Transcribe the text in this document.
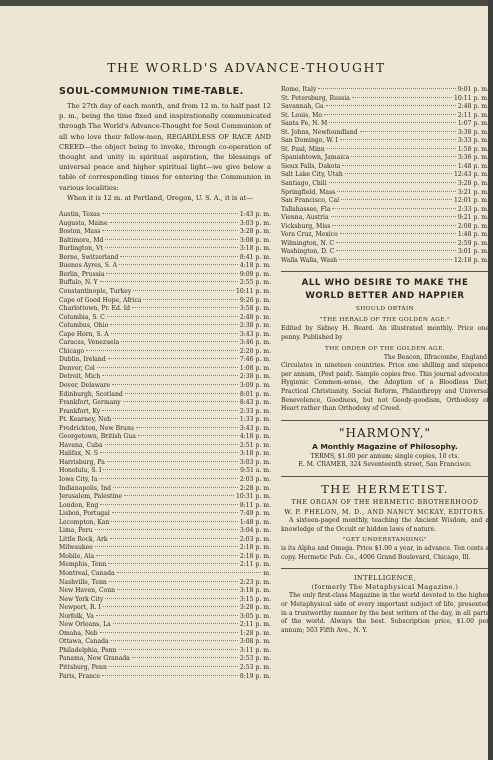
THE WORLD'S ADVANCE-THOUGHT

SOUL-COMMUNION TIME-TABLE.

The 27th day of each month, and from 12 m. to half past 12 p. m., being the time fixed and inspirationally communicated through The World's Advance-Thought for Soul Communion of all who love their fellow-men, REGARDLESS OF RACE AND CREED—the object being to invoke, through co-operation of thought and unity in spiritual aspiration, the blessings of universal peace and higher spiritual light—we give below a table of corresponding times for entering the Communion in various localities:

When it is 12 m. at Portland, Oregon, U. S. A., it is at—

Austin, Texas	1:43 p. m.
Augusta, Maine	3:03 p. m.
Boston, Mass	3:28 p. m.
Baltimore, Md	3:08 p. m.
Burlington, Vt	3:18 p. m.
Berne, Switzerland	8:41 p. m.
Buenos Ayres, S. A	4:18 p. m.
Berlin, Prussia	9:09 p. m.
Buffalo, N. Y	2:55 p. m.
Constantinople, Turkey	10:11 p. m.
Cape of Good Hope, Africa	9:26 p. m.
Charlottown, Pr. Ed. Id	3:58 p. m.
Columbia, S. C	2:48 p. m.
Columbus, Ohio	2:38 p. m.
Cape Horn, S. A	3:43 p. m.
Caracas, Venezuela	3:46 p. m.
Chicago	2:20 p. m.
Dublin, Ireland	7:46 p. m.
Denver, Col	1:08 p. m.
Detroit, Mich	2:38 p. m.
Dover, Delaware	3:09 p. m.
Edinburgh, Scotland	8:01 p. m.
Frankfort, Germany	8:43 p. m.
Frankfort, Ky	2:33 p. m.
Ft. Kearney, Neb	1:33 p. m.
Fredrickton, New Bruns	3:43 p. m.
Georgetown, British Gua	4:18 p. m.
Havana, Cuba	2:51 p. m.
Halifax, N. S	3:18 p. m.
Harrisburg, Pa	3:03 p. m.
Honolulu, S. I	9:51 a. m.
Iowa City, Ia	2:03 p. m.
Indianapolis, Ind	2:28 p. m.
Jerusalem, Palestine	10:31 p. m.
London, Eng	8:11 p. m.
Lisbon, Portugal	7:49 p. m.
Lecompton, Kan	1:48 p. m.
Lima, Peru	3:04 p. m.
Little Rock, Ark	2:03 p. m.
Milwaukee	2:18 p. m.
Mobile, Ala	2:18 p. m.
Memphis, Tenn	2:11 p. m.
Montreal, Canada	m.
Nashville, Tenn	2:23 p. m.
New Haven, Conn	3:18 p. m.
New York City	3:15 p. m.
Newport, R. I	3:28 p. m.
Norfolk, Va	3:05 p. m.
New Orleans, La	2:11 p. m.
Omaha, Neb	1:28 p. m.
Ottawa, Canada	3:08 p. m.
Philadelphia, Penn	3:11 p. m.
Panama, New Granada	2:53 p. m.
Pittsburg, Penn	2:53 p. m.
Paris, France	8:19 p. m.
Rome, Italy	9:01 p. m.
St. Petersburg, Russia	10:11 p. m.
Savannah, Ga	2:48 p. m.
St. Louis, Mo	2:11 p. m.
Santa Fe, N. M	1:07 p. m.
St. Johns, Newfoundland	3:38 p. m.
San Domingo, W. I	3:33 p. m.
St. Paul, Minn	1:58 p. m.
Spanishtown, Jamaica	3:36 p. m.
Sioux Falls, Dakota	1:48 p. m.
Salt Lake City, Utah	12:43 p. m.
Santiago, Chili	3:28 p. m.
Springfield, Mass	3:21 p. m.
San Francisco, Cal	12:01 p. m.
Tallahassee, Fla	2:33 p. m.
Vienna, Austria	9:21 p. m.
Vicksburg, Miss	2:08 p. m.
Vera Cruz, Mexico	1:48 p. m.
Wilmington, N. C	2:59 p. m.
Washington, D. C	3:01 p. m.
Walla Walla, Wash	12:18 p. m.

ALL WHO DESIRE TO MAKE THE

WORLD BETTER AND HAPPIER

SHOULD OBTAIN

"THE HERALD OF THE GOLDEN AGE."

Edited by Sidney H. Beard. An illustrated monthly. Price one penny. Published by

THE ORDER OF THE GOLDEN AGE,

The Beacon, Ilfracombe, England.

Circulates in nineteen countries. Price one shilling and sixpence per annum, (Post paid). Sample copies free. This journal advocates Hygienic Common-sense, the Adoption of a Bloodless Diet, Practical Christianity, Social Reform, Philanthropy and Universal Benevolence, Goodness, but not Goody-goodism, Orthodoxy of Heart rather than Orthodoxy of Creed.

"HARMONY,"

A Monthly Magazine of Philosophy.

TERMS, $1.00 per annum; single copies, 10 cts.

E. M. CRAMER, 324 Seventeenth street, San Francisco.

THE HERMETIST.

THE ORGAN OF THE HERMETIC BROTHERHOOD

W. P. PHELON, M. D., AND NANCY MCKAY, EDITORS.

A sixteen-paged monthly, teaching the Ancient Wisdom, and a knowledge of the Occult or hidden laws of nature.

"GET UNDERSTANDING"

is its Alpha and Omega. Price $1.00 a year, in advance. Ten cents a copy. Hermetic Pub. Co., 4006 Grand Boulevard, Chicago, Ill.

INTELLIGENCE,

(formerly The Metaphysical Magazine.)

The only first-class Magazine in the world devoted to the higher or Metaphysical side of every important subject of life, presented in a trustworthy manner by the best writers of the day, in all parts of the world. Always the best. Subscription price, $1.00 per annum; 503 Fifth Ave., N. Y.
